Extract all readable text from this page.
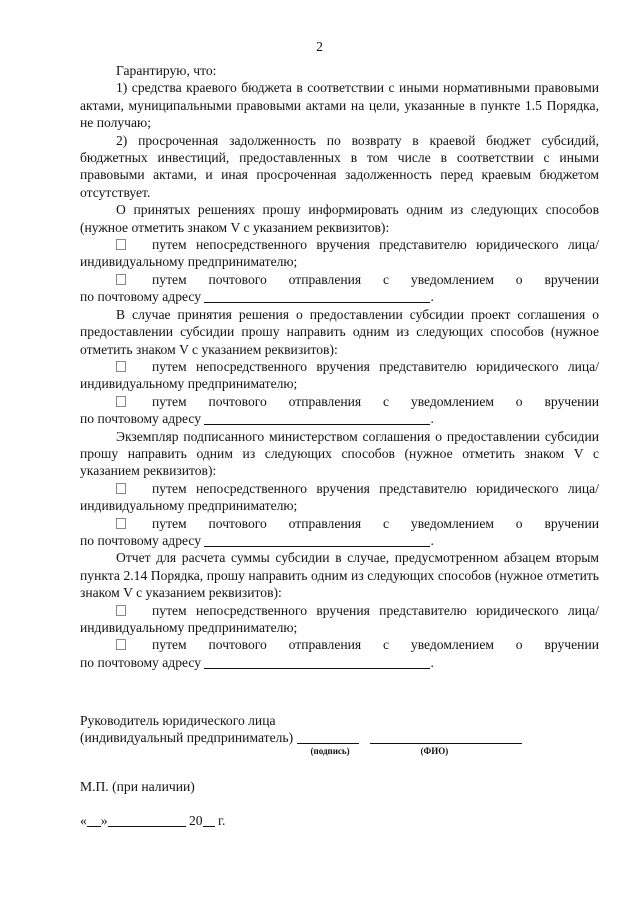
2

Гарантирую, что:

1) средства краевого бюджета в соответствии с иными нормативными правовыми актами, муниципальными правовыми актами на цели, указанные в пункте 1.5 Порядка, не получаю;

2) просроченная задолженность по возврату в краевой бюджет субсидий, бюджетных инвестиций, предоставленных в том числе в соответствии с иными правовыми актами, и иная просроченная задолженность перед краевым бюджетом отсутствует.

О принятых решениях прошу информировать одним из следующих способов (нужное отметить знаком V с указанием реквизитов):

путем непосредственного вручения представителю юридического лица/индивидуальному предпринимателю;

путем почтового отправления с уведомлением о вручении

по почтовому адресу	.

В случае принятия решения о предоставлении субсидии проект соглашения о предоставлении субсидии прошу направить одним из следующих способов (нужное отметить знаком V с указанием реквизитов):

путем непосредственного вручения представителю юридического лица/индивидуальному предпринимателю;

путем почтового отправления с уведомлением о вручении

по почтовому адресу	.

Экземпляр подписанного министерством соглашения о предоставлении субсидии прошу направить одним из следующих способов (нужное отметить знаком V с указанием реквизитов):

путем непосредственного вручения представителю юридического лица/индивидуальному предпринимателю;

путем почтового отправления с уведомлением о вручении

по почтовому адресу	.

Отчет для расчета суммы субсидии в случае, предусмотренном абзацем вторым пункта 2.14 Порядка, прошу направить одним из следующих способов (нужное отметить знаком V с указанием реквизитов):

путем непосредственного вручения представителю юридического лица/индивидуальному предпринимателю;

путем почтового отправления с уведомлением о вручении

по почтовому адресу	.

Руководитель юридического лица
(индивидуальный предприниматель)
(подпись)	(ФИО)
М.П. (при наличии)
« »	20 г.
